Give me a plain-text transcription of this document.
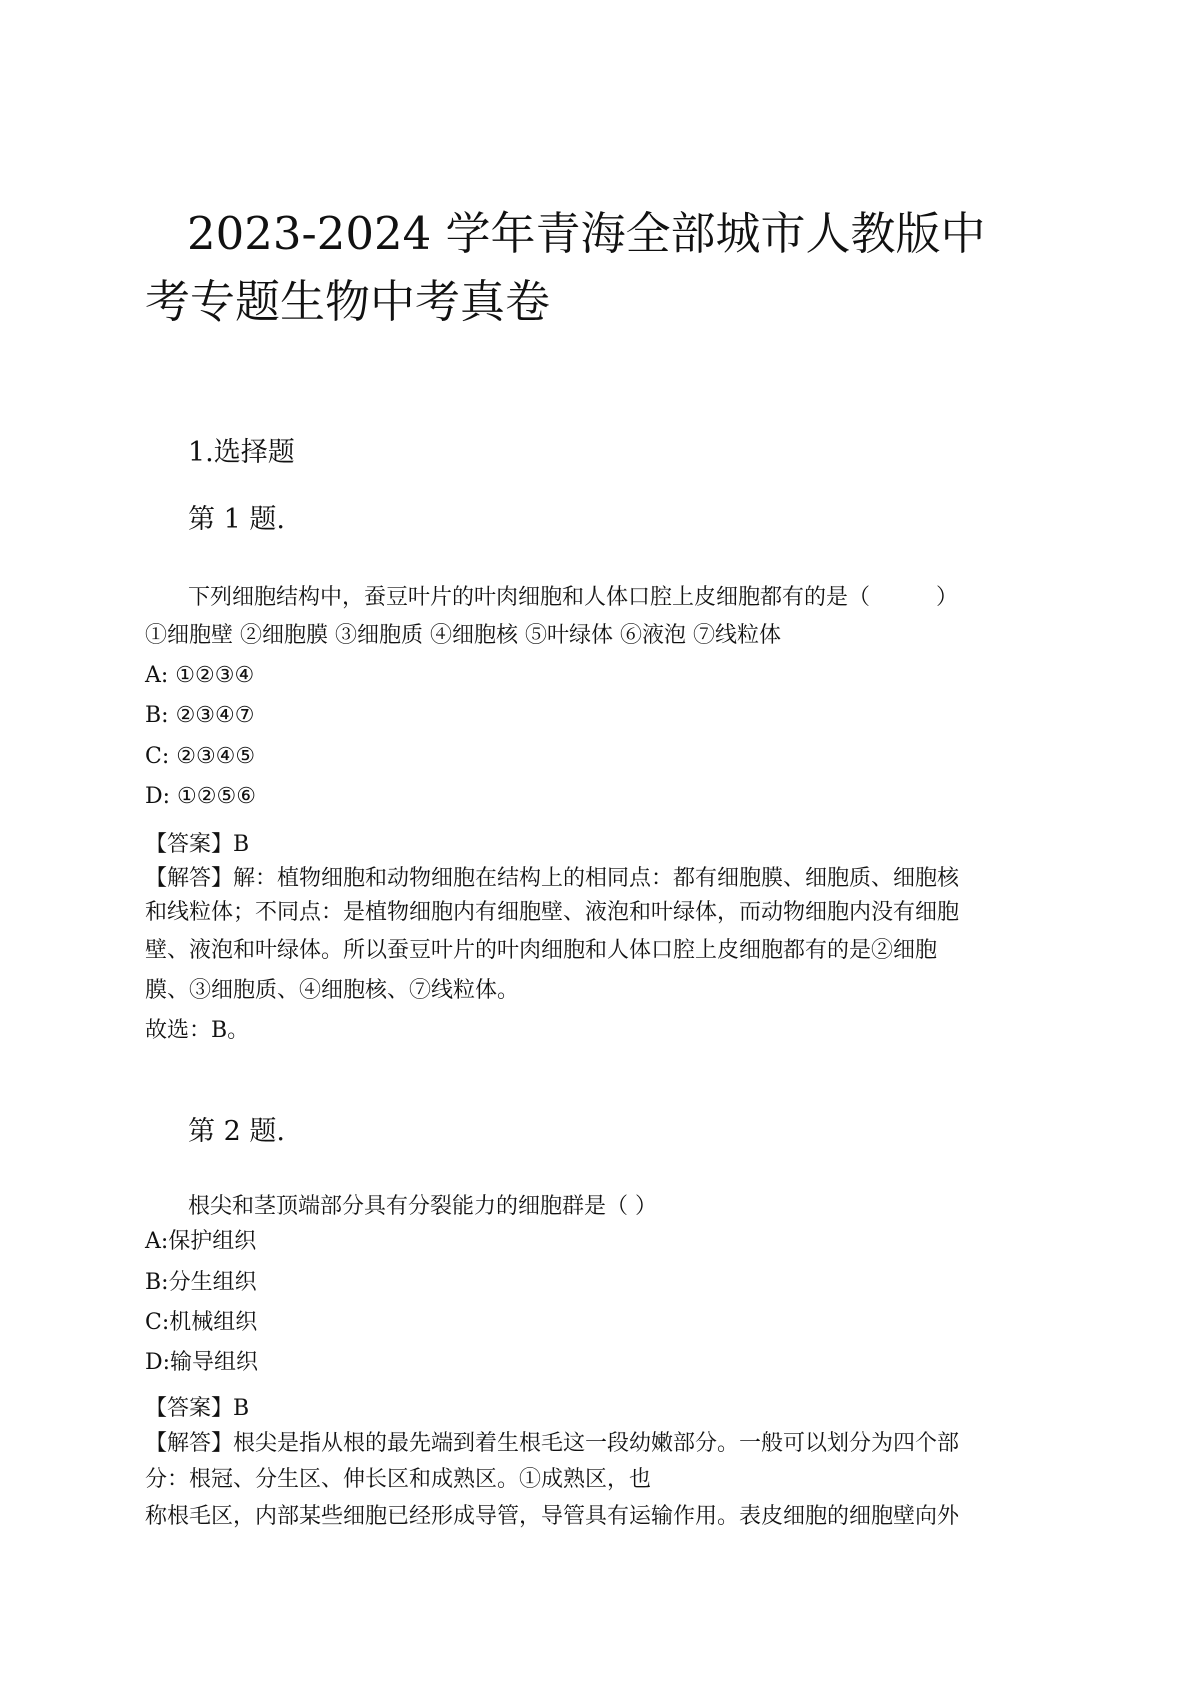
2023-2024 学年青海全部城市人教版中
考专题生物中考真卷
1.选择题
第 1 题.
下列细胞结构中，蚕豆叶片的叶肉细胞和人体口腔上皮细胞都有的是（　　　）
①细胞壁 ②细胞膜 ③细胞质 ④细胞核 ⑤叶绿体 ⑥液泡 ⑦线粒体
A: ①②③④
B: ②③④⑦
C: ②③④⑤
D: ①②⑤⑥
【答案】B
【解答】解：植物细胞和动物细胞在结构上的相同点：都有细胞膜、细胞质、细胞核
和线粒体；不同点：是植物细胞内有细胞壁、液泡和叶绿体，而动物细胞内没有细胞
壁、液泡和叶绿体。所以蚕豆叶片的叶肉细胞和人体口腔上皮细胞都有的是②细胞
膜、③细胞质、④细胞核、⑦线粒体。
故选：B。
第 2 题.
根尖和茎顶端部分具有分裂能力的细胞群是（ ）
A:保护组织
B:分生组织
C:机械组织
D:输导组织
【答案】B
【解答】根尖是指从根的最先端到着生根毛这一段幼嫩部分。一般可以划分为四个部
分：根冠、分生区、伸长区和成熟区。①成熟区，也
称根毛区，内部某些细胞已经形成导管，导管具有运输作用。表皮细胞的细胞壁向外
